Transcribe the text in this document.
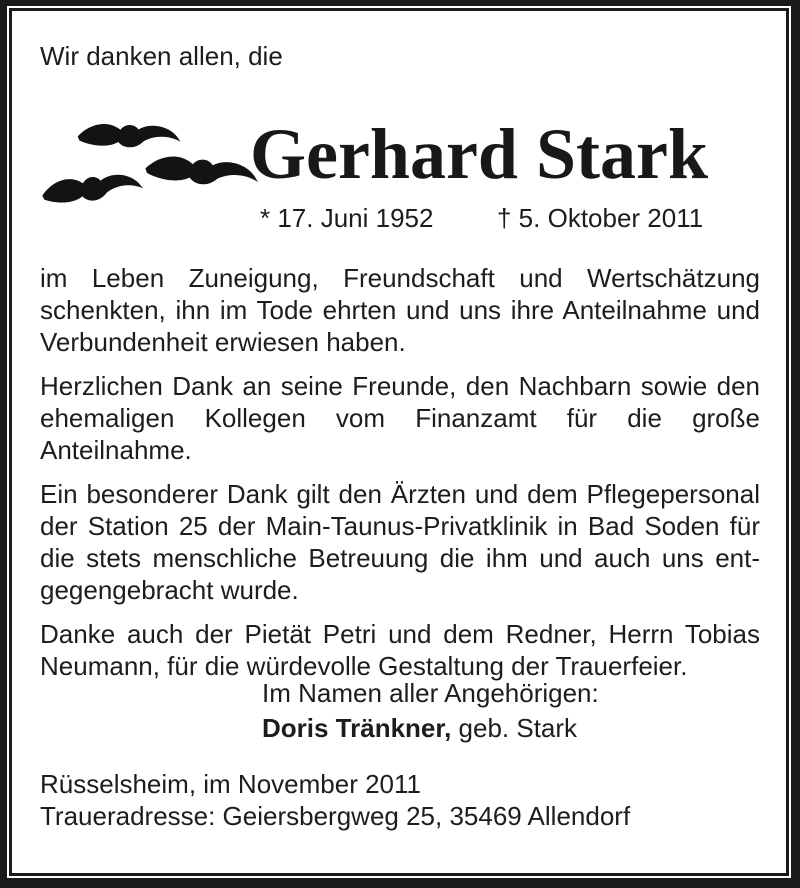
Wir danken allen, die
Gerhard Stark
* 17. Juni 1952 † 5. Oktober 2011
im Leben Zuneigung, Freundschaft und Wertschätzung
schenkten, ihn im Tode ehrten und uns ihre Anteilnahme und
Verbundenheit erwiesen haben.
Herzlichen Dank an seine Freunde, den Nachbarn sowie den
ehemaligen Kollegen vom Finanzamt für die große Anteilnahme.
Ein besonderer Dank gilt den Ärzten und dem Pflegepersonal
der Station 25 der Main-Taunus-Privatklinik in Bad Soden für
die stets menschliche Betreuung die ihm und auch uns ent-
gegengebracht wurde.
Danke auch der Pietät Petri und dem Redner, Herrn Tobias
Neumann, für die würdevolle Gestaltung der Trauerfeier.
Im Namen aller Angehörigen:
Doris Tränkner, geb. Stark
Rüsselsheim, im November 2011
Traueradresse: Geiersbergweg 25, 35469 Allendorf
